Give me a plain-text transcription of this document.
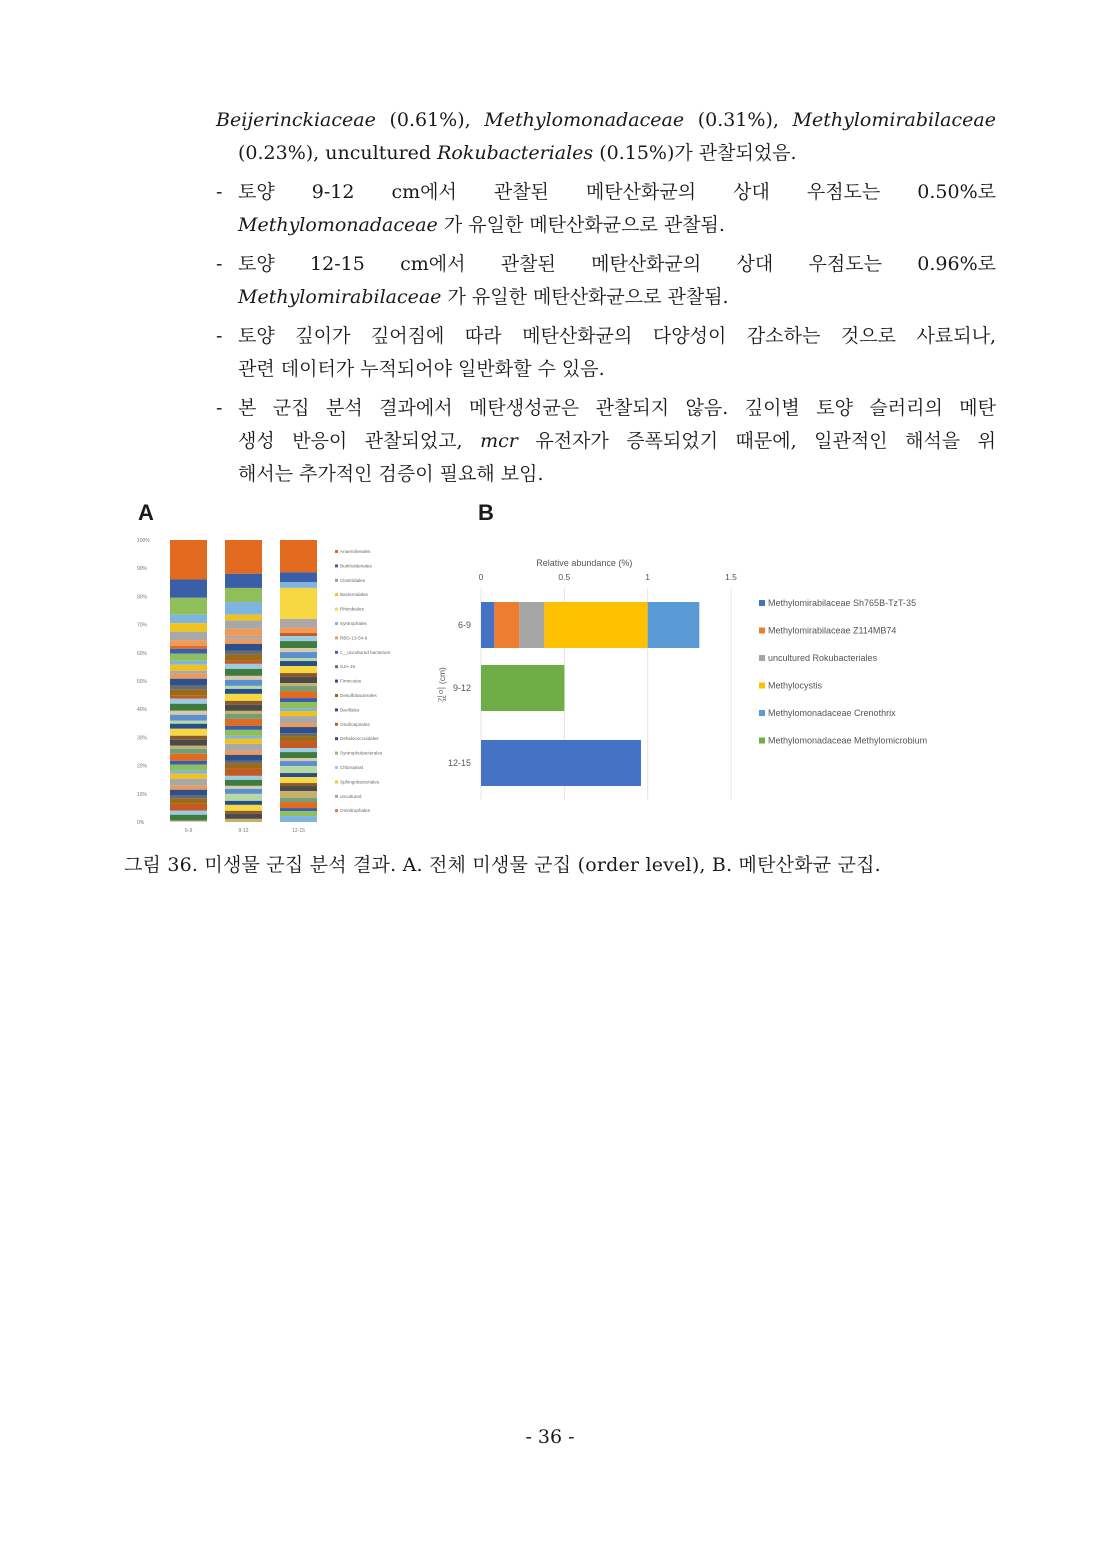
Beijerinckiaceae (0.61%), Methylomonadaceae (0.31%), Methylomirabilaceae
(0.23%), uncultured Rokubacteriales (0.15%)가 관찰되었음.
- 토양 9-12 cm에서 관찰된 메탄산화균의 상대 우점도는 0.50%로
Methylomonadaceae 가 유일한 메탄산화균으로 관찰됨.
- 토양 12-15 cm에서 관찰된 메탄산화균의 상대 우점도는 0.96%로
Methylomirabilaceae 가 유일한 메탄산화균으로 관찰됨.
- 토양 깊이가 깊어짐에 따라 메탄산화균의 다양성이 감소하는 것으로 사료되나,
관련 데이터가 누적되어야 일반화할 수 있음.
- 본 군집 분석 결과에서 메탄생성균은 관찰되지 않음. 깊이별 토양 슬러리의 메탄
생성 반응이 관찰되었고, mcr 유전자가 증폭되었기 때문에, 일관적인 해석을 위
해서는 추가적인 검증이 필요해 보임.
A	B
100%
90%
80%
70%
60%
50%
40%
30%
20%
10%
0%
6-9	9-12	12-15
Anaerolineales
Burkholderiales
Clostridiales
Bacteroidales
Rhizobiales
Syntrophales
RBG-13-54-9
c__uncultured bacterium
SJA-15
Firmicutes
Desulfobacterales
Bacillales
Oscillospirales
Dehalococcoidales
Syntrophobacterales
Chloroplast
Sphingobacteriales
uncultured
Omnitrophales
Relative abundance (%)
0	0.5	1	1.5
깊이 (cm)
6-9
9-12
12-15
Methylomirabilaceae Sh765B-TzT-35
Methylomirabilaceae Z114MB74
uncultured Rokubacteriales
Methylocystis
Methylomonadaceae Crenothrix
Methylomonadaceae Methylomicrobium
그림 36. 미생물 군집 분석 결과. A. 전체 미생물 군집 (order level), B. 메탄산화균 군집.
- 36 -
